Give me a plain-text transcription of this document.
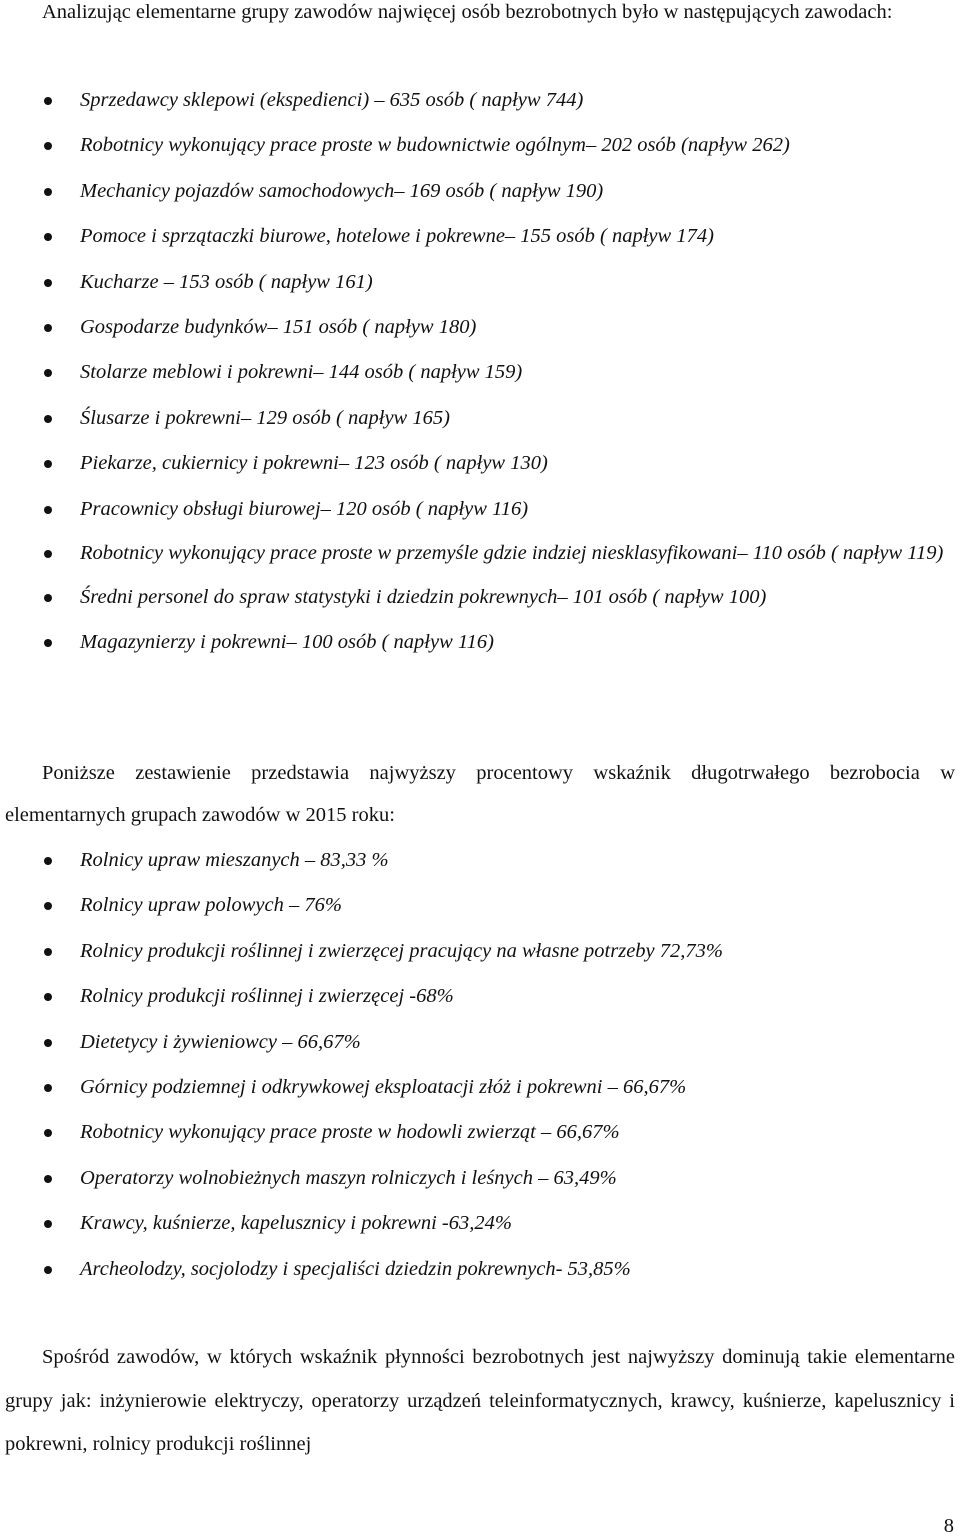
Analizując elementarne grupy zawodów najwięcej osób bezrobotnych było w następujących zawodach:

Sprzedawcy sklepowi (ekspedienci) – 635 osób ( napływ 744)
Robotnicy wykonujący prace proste w budownictwie ogólnym– 202 osób (napływ 262)
Mechanicy pojazdów samochodowych– 169 osób ( napływ 190)
Pomoce i sprzątaczki biurowe, hotelowe i pokrewne– 155 osób ( napływ 174)
Kucharze – 153 osób ( napływ 161)
Gospodarze budynków– 151 osób ( napływ 180)
Stolarze meblowi i pokrewni– 144 osób ( napływ 159)
Ślusarze i pokrewni– 129 osób ( napływ 165)
Piekarze, cukiernicy i pokrewni– 123 osób ( napływ 130)
Pracownicy obsługi biurowej– 120 osób ( napływ 116)
Robotnicy wykonujący prace proste w przemyśle gdzie indziej niesklasyfikowani– 110 osób ( napływ 119)
Średni personel do spraw statystyki i dziedzin pokrewnych– 101 osób ( napływ 100)
Magazynierzy i pokrewni– 100 osób ( napływ 116)

Poniższe zestawienie przedstawia najwyższy procentowy wskaźnik długotrwałego bezrobocia w elementarnych grupach zawodów w 2015 roku:

Rolnicy upraw mieszanych – 83,33 %
Rolnicy upraw polowych – 76%
Rolnicy produkcji roślinnej i zwierzęcej pracujący na własne potrzeby 72,73%
Rolnicy produkcji roślinnej i zwierzęcej -68%
Dietetycy i żywieniowcy – 66,67%
Górnicy podziemnej i odkrywkowej eksploatacji złóż i pokrewni – 66,67%
Robotnicy wykonujący prace proste w hodowli zwierząt – 66,67%
Operatorzy wolnobieżnych maszyn rolniczych i leśnych – 63,49%
Krawcy, kuśnierze, kapelusznicy i pokrewni -63,24%
Archeolodzy, socjolodzy i specjaliści dziedzin pokrewnych- 53,85%

Spośród zawodów, w których wskaźnik płynności bezrobotnych jest najwyższy dominują takie elementarne grupy jak: inżynierowie elektryczy, operatorzy urządzeń teleinformatycznych, krawcy, kuśnierze, kapelusznicy i pokrewni, rolnicy produkcji roślinnej

8
